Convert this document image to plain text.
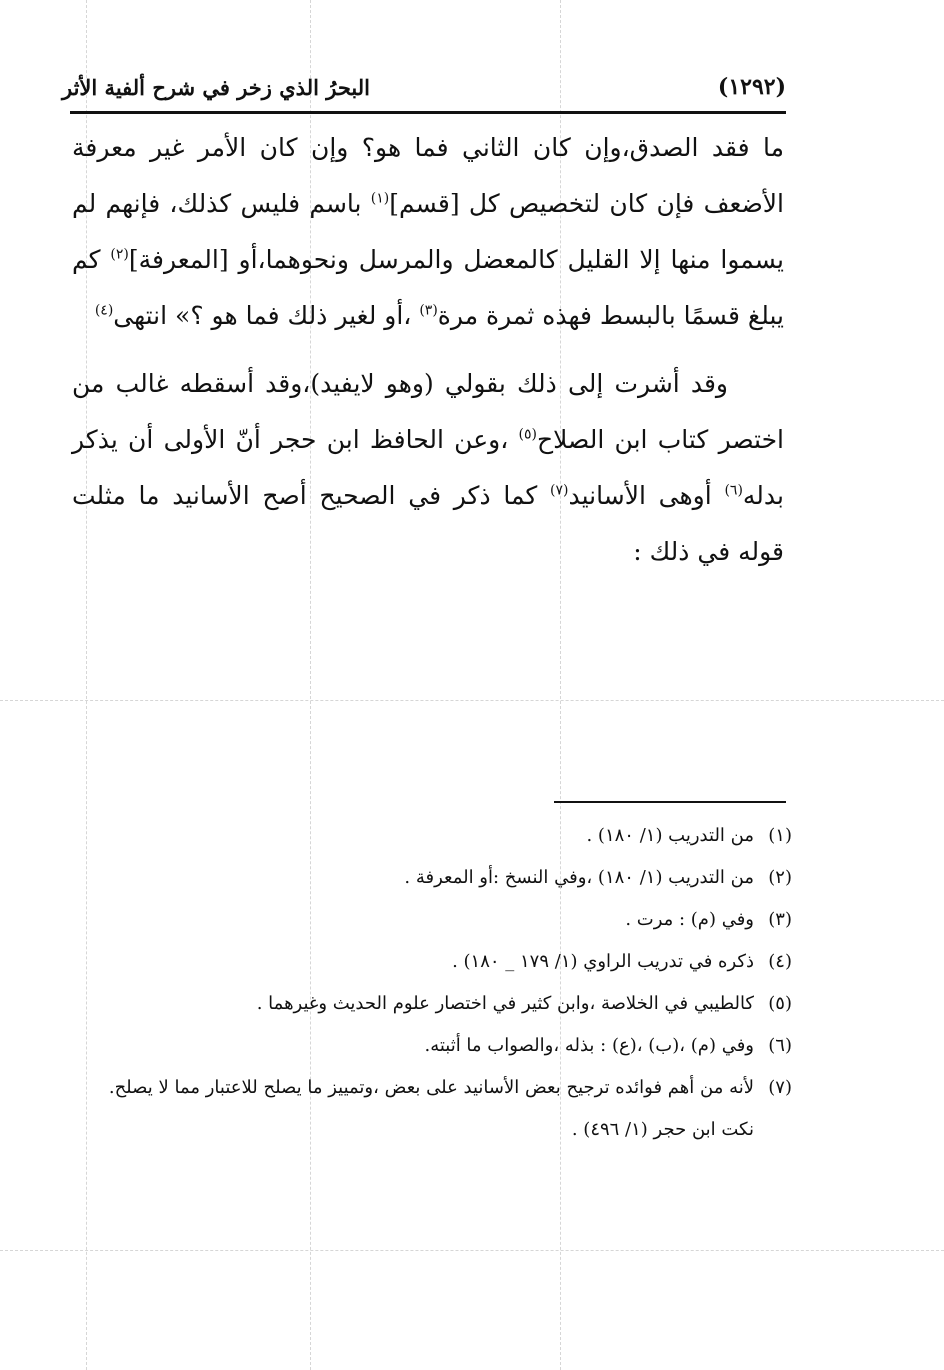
(١٢٩٢)
البحرُ الذي زخر في شرح ألفية الأثر

ما فقد الصدق،وإن كان الثاني فما هو؟ وإن كان الأمر غير معرفة الأضعف فإن كان لتخصيص كل [قسم]$^{(١)}$ باسم فليس كذلك، فإنهم لم يسموا منها إلا القليل كالمعضل والمرسل ونحوهما،أو [المعرفة]$^{(٢)}$ كم يبلغ قسمًا بالبسط فهذه ثمرة مرة$^{(٣)}$ ،أو لغير ذلك فما هو ؟» انتهى$^{(٤)}$

وقد أشرت إلى ذلك بقولي (وهو لايفيد)،وقد أسقطه غالب من اختصر كتاب ابن الصلاح$^{(٥)}$ ،وعن الحافظ ابن حجر أنّ الأولى أن يذكر بدله$^{(٦)}$ أوهى الأسانيد$^{(٧)}$ كما ذكر في الصحيح أصح الأسانيد ما مثلت قوله في ذلك :

(١)
من التدريب (١/ ١٨٠) .
(٢)
من التدريب (١/ ١٨٠) ،وفي النسخ :أو المعرفة .
(٣)
وفي (م) : مرت .
(٤)
ذكره في تدريب الراوي (١/ ١٧٩ _ ١٨٠) .
(٥)
كالطيبي في الخلاصة ،وابن كثير في اختصار علوم الحديث وغيرهما .
(٦)
وفي (م) ،(ب) ،(ع) : بذله ،والصواب ما أثبته.
(٧)
لأنه من أهم فوائده ترجيح بعض الأسانيد على بعض ،وتمييز ما يصلح للاعتبار مما لا يصلح.
نكت ابن حجر (١/ ٤٩٦) .
